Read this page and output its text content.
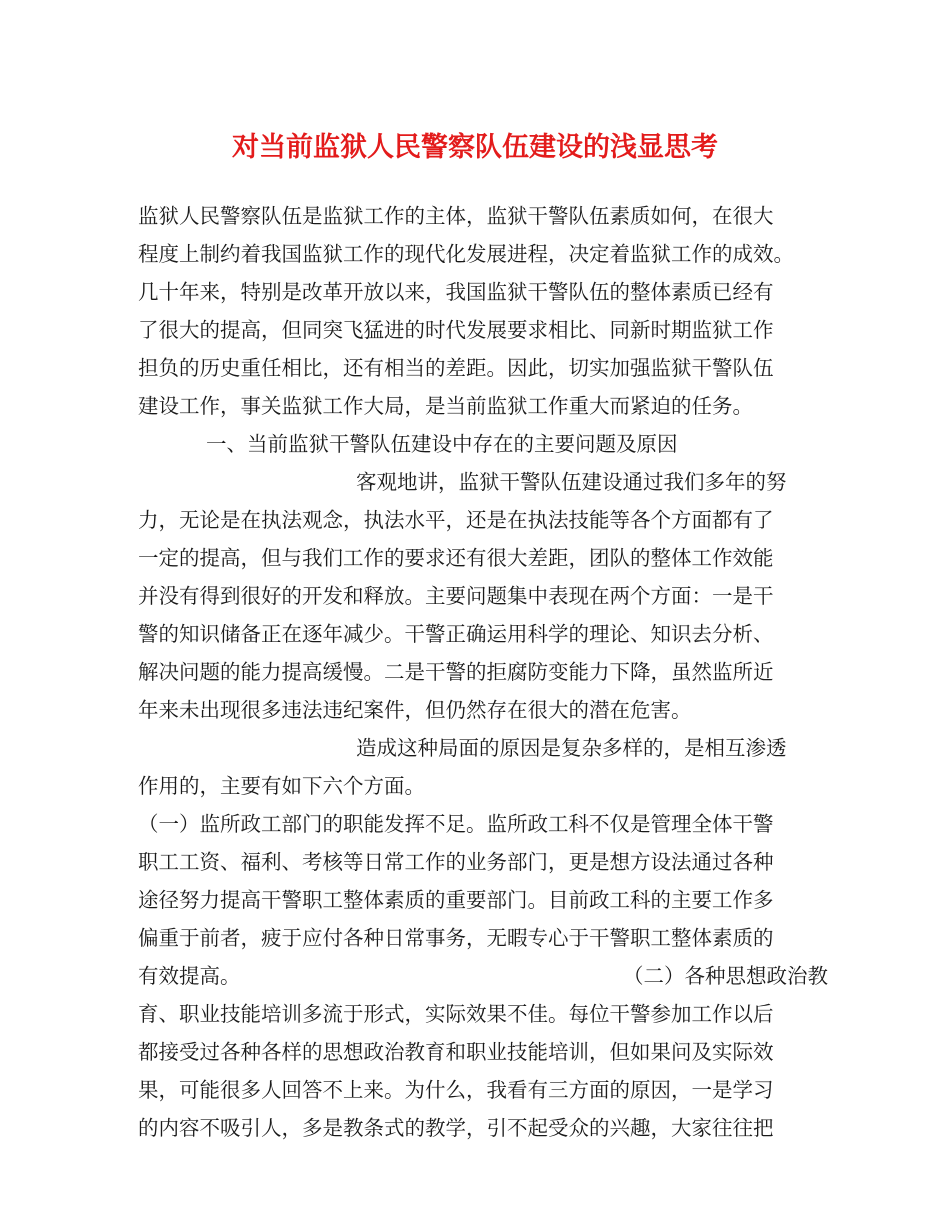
对当前监狱人民警察队伍建设的浅显思考
监狱人民警察队伍是监狱工作的主体，监狱干警队伍素质如何，在很大
程度上制约着我国监狱工作的现代化发展进程，决定着监狱工作的成效。
几十年来，特别是改革开放以来，我国监狱干警队伍的整体素质已经有
了很大的提高，但同突飞猛进的时代发展要求相比、同新时期监狱工作
担负的历史重任相比，还有相当的差距。因此，切实加强监狱干警队伍
建设工作，事关监狱工作大局，是当前监狱工作重大而紧迫的任务。
一、当前监狱干警队伍建设中存在的主要问题及原因
客观地讲，监狱干警队伍建设通过我们多年的努
力，无论是在执法观念，执法水平，还是在执法技能等各个方面都有了
一定的提高，但与我们工作的要求还有很大差距，团队的整体工作效能
并没有得到很好的开发和释放。主要问题集中表现在两个方面：一是干
警的知识储备正在逐年减少。干警正确运用科学的理论、知识去分析、
解决问题的能力提高缓慢。二是干警的拒腐防变能力下降，虽然监所近
年来未出现很多违法违纪案件，但仍然存在很大的潜在危害。
造成这种局面的原因是复杂多样的，是相互渗透
作用的，主要有如下六个方面。
（一）监所政工部门的职能发挥不足。监所政工科不仅是管理全体干警
职工工资、福利、考核等日常工作的业务部门，更是想方设法通过各种
途径努力提高干警职工整体素质的重要部门。目前政工科的主要工作多
偏重于前者，疲于应付各种日常事务，无暇专心于干警职工整体素质的
有效提高。	（二）各种思想政治教
育、职业技能培训多流于形式，实际效果不佳。每位干警参加工作以后
都接受过各种各样的思想政治教育和职业技能培训，但如果问及实际效
果，可能很多人回答不上来。为什么，我看有三方面的原因，一是学习
的内容不吸引人，多是教条式的教学，引不起受众的兴趣，大家往往把
